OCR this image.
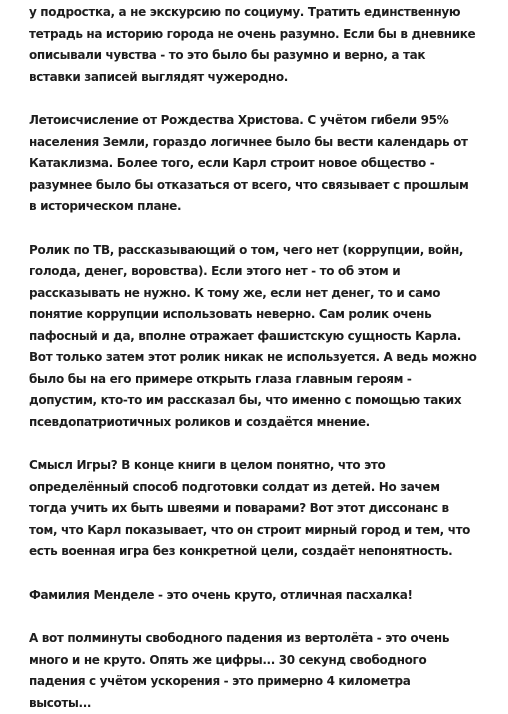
у подростка, а не экскурсию по социуму. Тратить единственную
тетрадь на историю города не очень разумно. Если бы в дневнике
описывали чувства - то это было бы разумно и верно, а так
вставки записей выглядят чужеродно.

Летоисчисление от Рождества Христова. С учётом гибели 95%
населения Земли, гораздо логичнее было бы вести календарь от
Катаклизма. Более того, если Карл строит новое общество -
разумнее было бы отказаться от всего, что связывает с прошлым
в историческом плане.

Ролик по ТВ, рассказывающий о том, чего нет (коррупции, войн,
голода, денег, воровства). Если этого нет - то об этом и
рассказывать не нужно. К тому же, если нет денег, то и само
понятие коррупции использовать неверно. Сам ролик очень
пафосный и да, вполне отражает фашистскую сущность Карла.
Вот только затем этот ролик никак не используется. А ведь можно
было бы на его примере открыть глаза главным героям -
допустим, кто-то им рассказал бы, что именно с помощью таких
псевдопатриотичных роликов и создаётся мнение.

Смысл Игры? В конце книги в целом понятно, что это
определённый способ подготовки солдат из детей. Но зачем
тогда учить их быть швеями и поварами? Вот этот диссонанс в
том, что Карл показывает, что он строит мирный город и тем, что
есть военная игра без конкретной цели, создаёт непонятность.

Фамилия Менделе - это очень круто, отличная пасхалка!

А вот полминуты свободного падения из вертолёта - это очень
много и не круто. Опять же цифры... 30 секунд свободного
падения с учётом ускорения - это примерно 4 километра
высоты...
